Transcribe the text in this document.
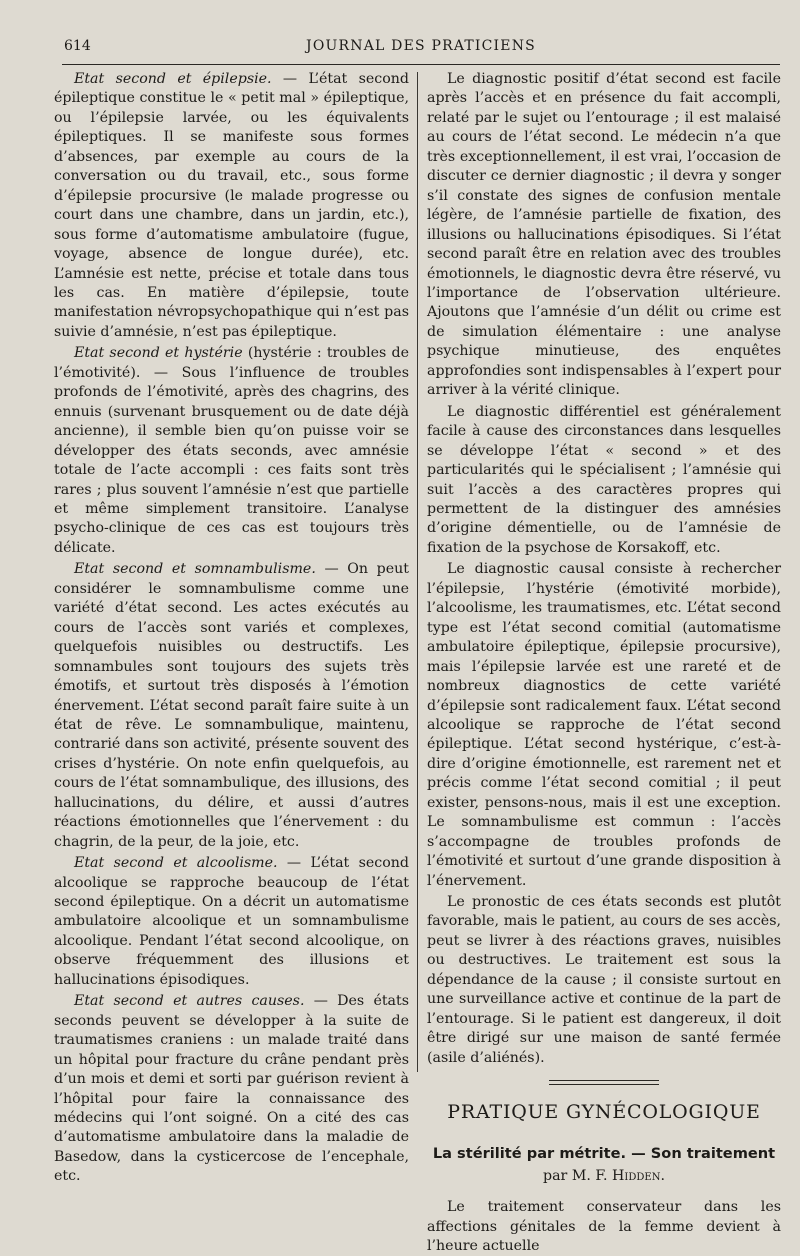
614	JOURNAL DES PRATICIENS

Etat second et épilepsie. — L’état second épileptique constitue le « petit mal » épileptique, ou l’épilepsie larvée, ou les équivalents épileptiques. Il se manifeste sous formes d’absences, par exemple au cours de la conversation ou du travail, etc., sous forme d’épilepsie procursive (le malade progresse ou court dans une chambre, dans un jardin, etc.), sous forme d’automatisme ambulatoire (fugue, voyage, absence de longue durée), etc. L’amnésie est nette, précise et totale dans tous les cas. En matière d’épilepsie, toute manifestation névropsychopathique qui n’est pas suivie d’amnésie, n’est pas épileptique.

Etat second et hystérie (hystérie : troubles de l’émotivité). — Sous l’influence de troubles profonds de l’émotivité, après des chagrins, des ennuis (survenant brusquement ou de date déjà ancienne), il semble bien qu’on puisse voir se développer des états seconds, avec amnésie totale de l’acte accompli : ces faits sont très rares ; plus souvent l’amnésie n’est que partielle et même simplement transitoire. L’analyse psycho-clinique de ces cas est toujours très délicate.

Etat second et somnambulisme. — On peut considérer le somnambulisme comme une variété d’état second. Les actes exécutés au cours de l’accès sont variés et complexes, quelquefois nuisibles ou destructifs. Les somnambules sont toujours des sujets très émotifs, et surtout très disposés à l’émotion énervement. L’état second paraît faire suite à un état de rêve. Le somnambulique, maintenu, contrarié dans son activité, présente souvent des crises d’hystérie. On note enfin quelquefois, au cours de l’état somnambulique, des illusions, des hallucinations, du délire, et aussi d’autres réactions émotionnelles que l’énervement : du chagrin, de la peur, de la joie, etc.

Etat second et alcoolisme. — L’état second alcoolique se rapproche beaucoup de l’état second épileptique. On a décrit un automatisme ambulatoire alcoolique et un somnambulisme alcoolique. Pendant l’état second alcoolique, on observe fréquemment des illusions et hallucinations épisodiques.

Etat second et autres causes. — Des états seconds peuvent se développer à la suite de traumatismes craniens : un malade traité dans un hôpital pour fracture du crâne pendant près d’un mois et demi et sorti par guérison revient à l’hôpital pour faire la connaissance des médecins qui l’ont soigné. On a cité des cas d’automatisme ambulatoire dans la maladie de Basedow, dans la cysticercose de l’encephale, etc.

Le diagnostic positif d’état second est facile après l’accès et en présence du fait accompli, relaté par le sujet ou l’entourage ; il est malaisé au cours de l’état second. Le médecin n’a que très exceptionnellement, il est vrai, l’occasion de discuter ce dernier diagnostic ; il devra y songer s’il constate des signes de confusion mentale légère, de l’amnésie partielle de fixation, des illusions ou hallucinations épisodiques. Si l’état second paraît être en relation avec des troubles émotionnels, le diagnostic devra être réservé, vu l’importance de l’observation ultérieure. Ajoutons que l’amnésie d’un délit ou crime est de simulation élémentaire : une analyse psychique minutieuse, des enquêtes approfondies sont indispensables à l’expert pour arriver à la vérité clinique.

Le diagnostic différentiel est généralement facile à cause des circonstances dans lesquelles se développe l’état « second » et des particularités qui le spécialisent ; l’amnésie qui suit l’accès a des caractères propres qui permettent de la distinguer des amnésies d’origine démentielle, ou de l’amnésie de fixation de la psychose de Korsakoff, etc.

Le diagnostic causal consiste à rechercher l’épilepsie, l’hystérie (émotivité morbide), l’alcoolisme, les traumatismes, etc. L’état second type est l’état second comitial (automatisme ambulatoire épileptique, épilepsie procursive), mais l’épilepsie larvée est une rareté et de nombreux diagnostics de cette variété d’épilepsie sont radicalement faux. L’état second alcoolique se rapproche de l’état second épileptique. L’état second hystérique, c’est-à-dire d’origine émotionnelle, est rarement net et précis comme l’état second comitial ; il peut exister, pensons-nous, mais il est une exception. Le somnambulisme est commun : l’accès s’accompagne de troubles profonds de l’émotivité et surtout d’une grande disposition à l’énervement.

Le pronostic de ces états seconds est plutôt favorable, mais le patient, au cours de ses accès, peut se livrer à des réactions graves, nuisibles ou destructives. Le traitement est sous la dépendance de la cause ; il consiste surtout en une surveillance active et continue de la part de l’entourage. Si le patient est dangereux, il doit être dirigé sur une maison de santé fermée (asile d’aliénés).

PRATIQUE GYNÉCOLOGIQUE
La stérilité par métrite. — Son traitement
par M. F. Hidden.

Le traitement conservateur dans les affections génitales de la femme devient à l’heure actuelle
